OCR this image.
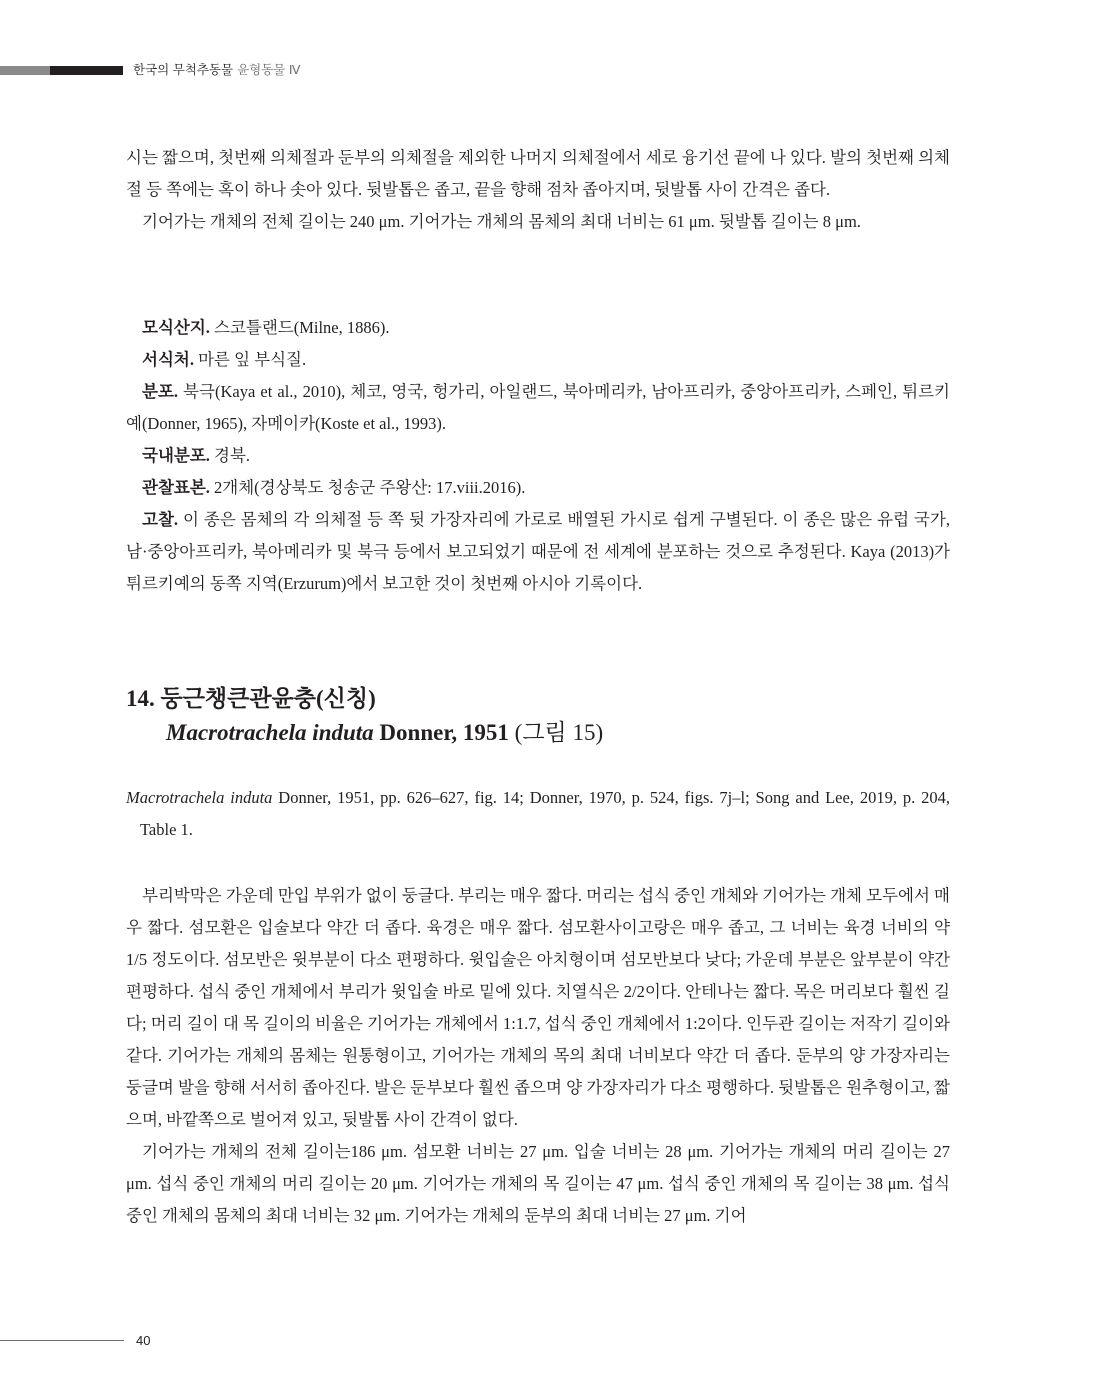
한국의 무척추동물 윤형동물 Ⅳ

시는 짧으며, 첫번째 의체절과 둔부의 의체절을 제외한 나머지 의체절에서 세로 융기선 끝에 나 있다. 발의 첫번째 의체절 등 쪽에는 혹이 하나 솟아 있다. 뒷발톱은 좁고, 끝을 향해 점차 좁아지며, 뒷발톱 사이 간격은 좁다.

기어가는 개체의 전체 길이는 240 μm. 기어가는 개체의 몸체의 최대 너비는 61 μm. 뒷발톱 길이는 8 μm.

모식산지. 스코틀랜드(Milne, 1886).

서식처. 마른 잎 부식질.

분포. 북극(Kaya et al., 2010), 체코, 영국, 헝가리, 아일랜드, 북아메리카, 남아프리카, 중앙아프리카, 스페인, 튀르키예(Donner, 1965), 자메이카(Koste et al., 1993).

국내분포. 경북.

관찰표본. 2개체(경상북도 청송군 주왕산: 17.viii.2016).

고찰. 이 종은 몸체의 각 의체절 등 쪽 뒷 가장자리에 가로로 배열된 가시로 쉽게 구별된다. 이 종은 많은 유럽 국가, 남·중앙아프리카, 북아메리카 및 북극 등에서 보고되었기 때문에 전 세계에 분포하는 것으로 추정된다. Kaya (2013)가 튀르키예의 동쪽 지역(Erzurum)에서 보고한 것이 첫번째 아시아 기록이다.

14. 둥근챙큰관윤충(신칭)
Macrotrachela induta Donner, 1951 (그림 15)

Macrotrachela induta Donner, 1951, pp. 626–627, fig. 14; Donner, 1970, p. 524, figs. 7j–l; Song and Lee, 2019, p. 204, Table 1.

부리박막은 가운데 만입 부위가 없이 둥글다. 부리는 매우 짧다. 머리는 섭식 중인 개체와 기어가는 개체 모두에서 매우 짧다. 섬모환은 입술보다 약간 더 좁다. 육경은 매우 짧다. 섬모환사이고랑은 매우 좁고, 그 너비는 육경 너비의 약 1/5 정도이다. 섬모반은 윗부분이 다소 편평하다. 윗입술은 아치형이며 섬모반보다 낮다; 가운데 부분은 앞부분이 약간 편평하다. 섭식 중인 개체에서 부리가 윗입술 바로 밑에 있다. 치열식은 2/2이다. 안테나는 짧다. 목은 머리보다 훨씬 길다; 머리 길이 대 목 길이의 비율은 기어가는 개체에서 1:1.7, 섭식 중인 개체에서 1:2이다. 인두관 길이는 저작기 길이와 같다. 기어가는 개체의 몸체는 원통형이고, 기어가는 개체의 목의 최대 너비보다 약간 더 좁다. 둔부의 양 가장자리는 둥글며 발을 향해 서서히 좁아진다. 발은 둔부보다 훨씬 좁으며 양 가장자리가 다소 평행하다. 뒷발톱은 원추형이고, 짧으며, 바깥쪽으로 벌어져 있고, 뒷발톱 사이 간격이 없다.

기어가는 개체의 전체 길이는186 μm. 섬모환 너비는 27 μm. 입술 너비는 28 μm. 기어가는 개체의 머리 길이는 27 μm. 섭식 중인 개체의 머리 길이는 20 μm. 기어가는 개체의 목 길이는 47 μm. 섭식 중인 개체의 목 길이는 38 μm. 섭식 중인 개체의 몸체의 최대 너비는 32 μm. 기어가는 개체의 둔부의 최대 너비는 27 μm. 기어

40
